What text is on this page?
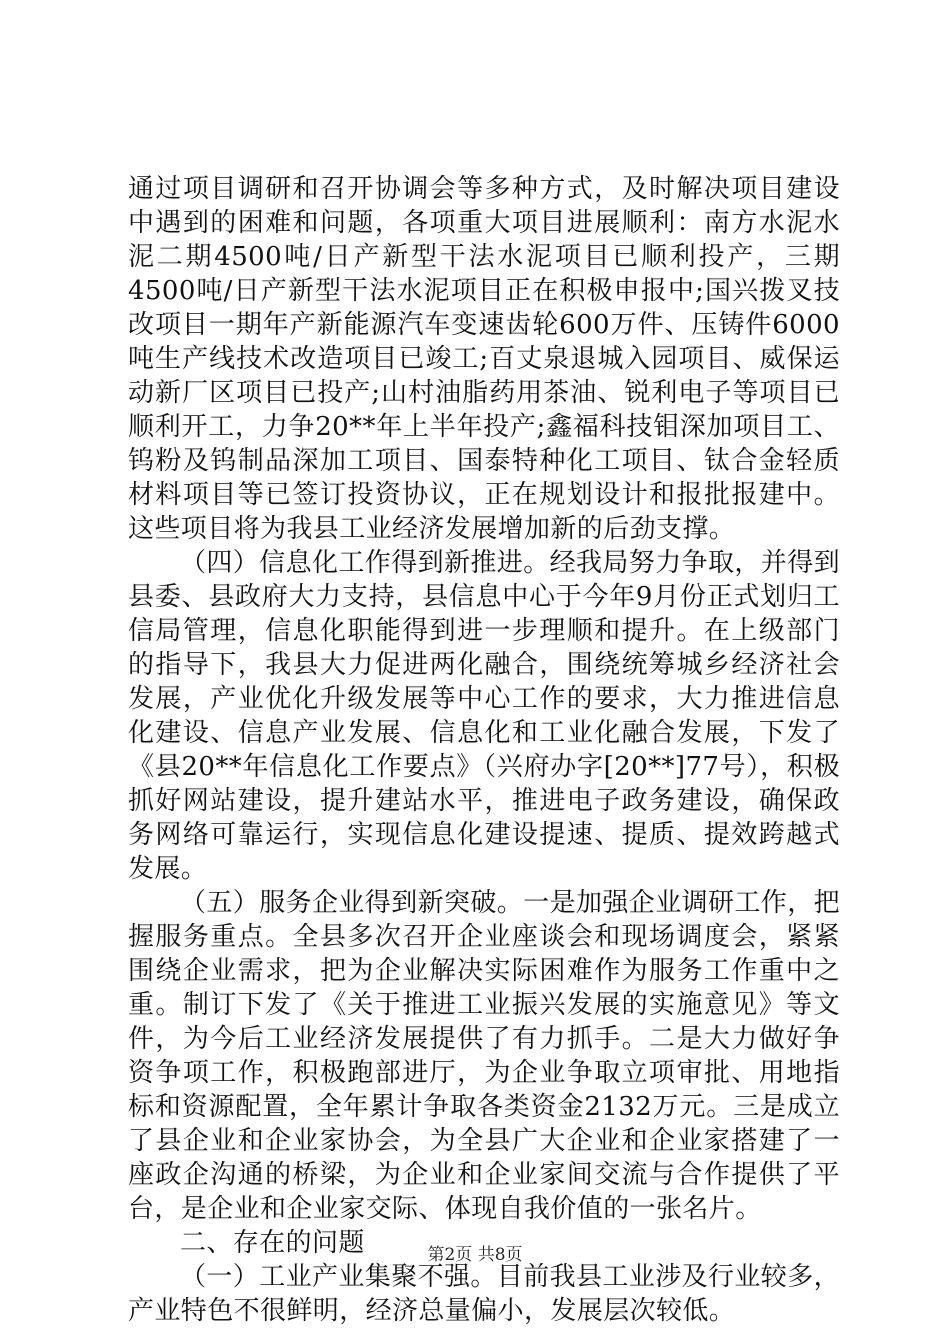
通过项目调研和召开协调会等多种方式，及时解决项目建设中遇到的困难和问题，各项重大项目进展顺利：南方水泥水泥二期4500吨/日产新型干法水泥项目已顺利投产，三期4500吨/日产新型干法水泥项目正在积极申报中;国兴拨叉技改项目一期年产新能源汽车变速齿轮600万件、压铸件6000吨生产线技术改造项目已竣工;百丈泉退城入园项目、威保运动新厂区项目已投产;山村油脂药用茶油、锐利电子等项目已顺利开工，力争20**年上半年投产;鑫福科技钼深加项目工、钨粉及钨制品深加工项目、国泰特种化工项目、钛合金轻质材料项目等已签订投资协议，正在规划设计和报批报建中。这些项目将为我县工业经济发展增加新的后劲支撑。

（四）信息化工作得到新推进。经我局努力争取，并得到县委、县政府大力支持，县信息中心于今年9月份正式划归工信局管理，信息化职能得到进一步理顺和提升。在上级部门的指导下，我县大力促进两化融合，围绕统筹城乡经济社会发展，产业优化升级发展等中心工作的要求，大力推进信息化建设、信息产业发展、信息化和工业化融合发展，下发了《县20**年信息化工作要点》（兴府办字[20**]77号），积极抓好网站建设，提升建站水平，推进电子政务建设，确保政务网络可靠运行，实现信息化建设提速、提质、提效跨越式发展。

（五）服务企业得到新突破。一是加强企业调研工作，把握服务重点。全县多次召开企业座谈会和现场调度会，紧紧围绕企业需求，把为企业解决实际困难作为服务工作重中之重。制订下发了《关于推进工业振兴发展的实施意见》等文件，为今后工业经济发展提供了有力抓手。二是大力做好争资争项工作，积极跑部进厅，为企业争取立项审批、用地指标和资源配置，全年累计争取各类资金2132万元。三是成立了县企业和企业家协会，为全县广大企业和企业家搭建了一座政企沟通的桥梁，为企业和企业家间交流与合作提供了平台，是企业和企业家交际、体现自我价值的一张名片。

二、存在的问题

（一）工业产业集聚不强。目前我县工业涉及行业较多，产业特色不很鲜明，经济总量偏小，发展层次较低。

第2页 共8页
